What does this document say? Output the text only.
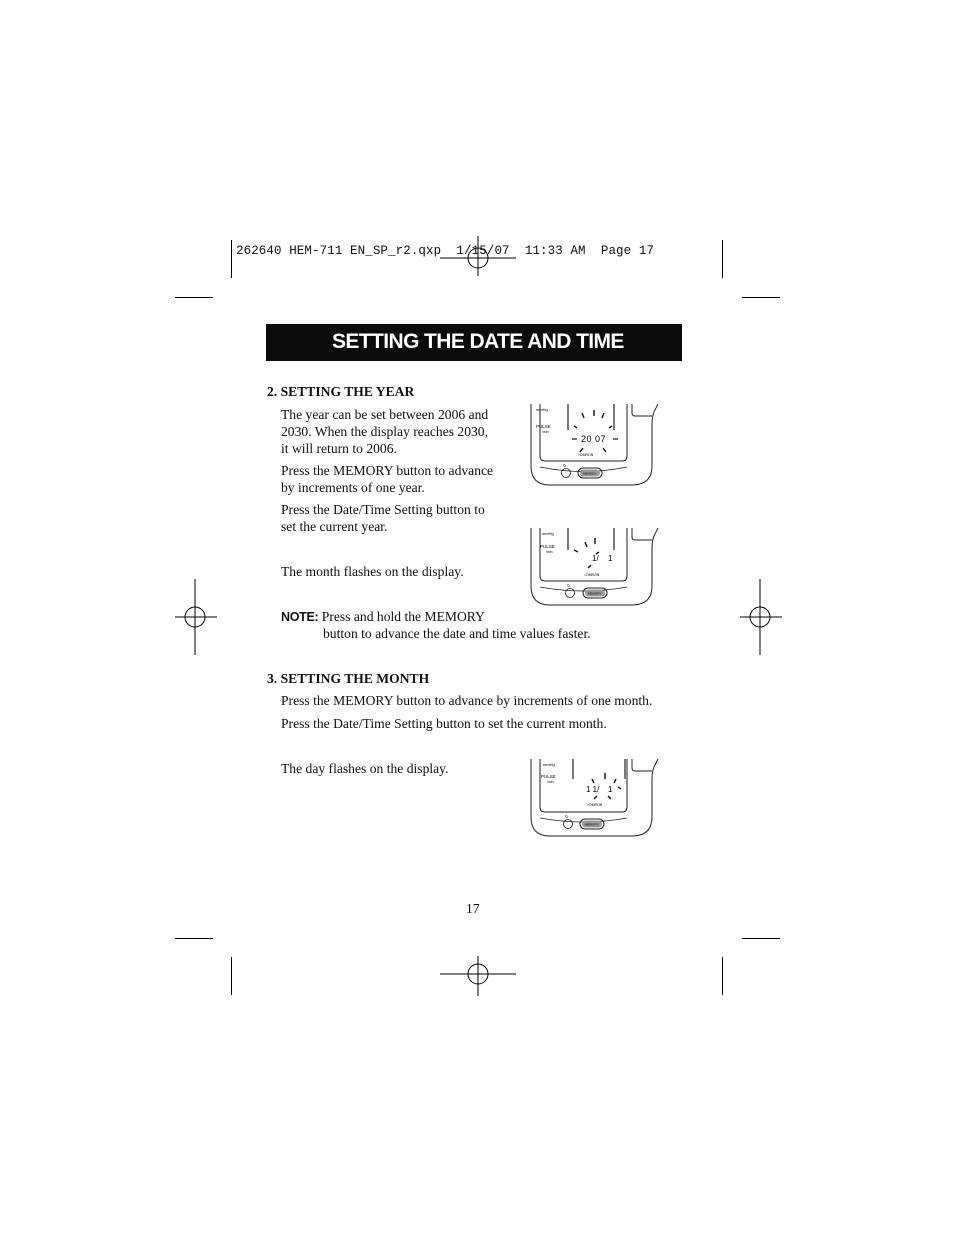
262640 HEM-711 EN_SP_r2.qxp  1/15/07  11:33 AM  Page 17
SETTING THE DATE AND TIME
2. SETTING THE YEAR
The year can be set between 2006 and
2030. When the display reaches 2030,
it will return to 2006.
Press the MEMORY button to advance
by increments of one year.
Press the Date/Time Setting button to
set the current year.
The month flashes on the display.
NOTE: Press and hold the MEMORY
button to advance the date and time values faster.
3. SETTING THE MONTH
Press the MEMORY button to advance by increments of one month.
Press the Date/Time Setting button to set the current month.
The day flashes on the display.
mmHg
PULSE
/min
20 07
≈OMRON
↻
MEMORY
mmHg
PULSE
/min
1/ 1
≈OMRON
↻
MEMORY
mmHg
PULSE
/min
1 1/ 1
≈OMRON
↻
MEMORY
17
